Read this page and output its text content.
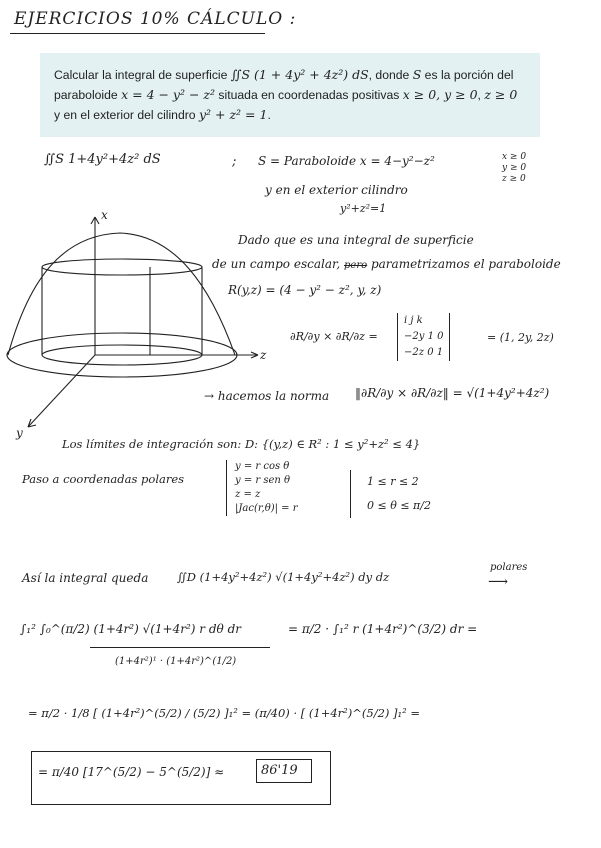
EJERCICIOS 10% CÁLCULO :

Calcular la integral de superficie ∬S (1 + 4y² + 4z²) dS, donde S es la porción del paraboloide x = 4 − y² − z² situada en coordenadas positivas x ≥ 0, y ≥ 0, z ≥ 0 y en el exterior del cilindro y² + z² = 1.

∬S 1+4y²+4z² dS	; S = Paraboloide x = 4−y²−z²	x ≥ 0
y ≥ 0
z ≥ 0
y en el exterior cilindro
y²+z²=1
x
z
y
Dado que es una integral de superficie
de un campo escalar, pero parametrizamos el paraboloide
R(y,z) = (4 − y² − z², y, z)
∂R/∂y × ∂R/∂z =
i j k
−2y 1 0
−2z 0 1
= (1, 2y, 2z)
→ hacemos la norma ‖∂R/∂y × ∂R/∂z‖ = √(1+4y²+4z²)
Los límites de integración son: D: {(y,z) ∈ R² : 1 ≤ y²+z² ≤ 4}
Paso a coordenadas polares
y = r cos θ
y = r sen θ
z = z
|Jac(r,θ)| = r
1 ≤ r ≤ 2
0 ≤ θ ≤ π/2
Así la integral queda ∬D (1+4y²+4z²) √(1+4y²+4z²) dy dz
polares
⟶
∫₁² ∫₀^(π/2) (1+4r²) √(1+4r²) r dθ dr	= π/2 · ∫₁² r (1+4r²)^(3/2) dr =
(1+4r²)¹ · (1+4r²)^(1/2)
= π/2 · 1/8 [ (1+4r²)^(5/2) / (5/2) ]₁² = (π/40) · [ (1+4r²)^(5/2) ]₁² =
= π/40 [17^(5/2) − 5^(5/2)] ≈	86'19
